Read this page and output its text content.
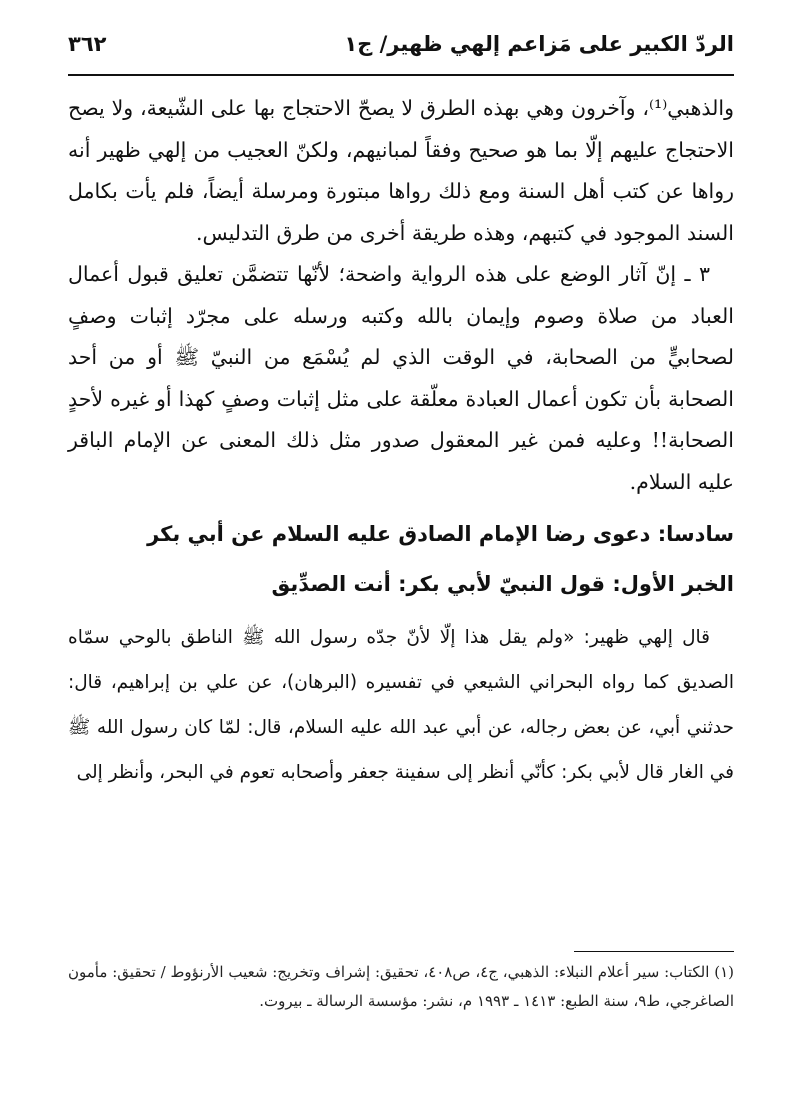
الردّ الكبير على مَزاعم إلهي ظهير/ ج١
٣٦٢

والذهبي⁽¹⁾، وآخرون وهي بهذه الطرق لا يصحّ الاحتجاج بها على الشّيعة، ولا يصح الاحتجاج عليهم إلّا بما هو صحيح وفقاً لمبانيهم، ولكنّ العجيب من إلهي ظهير أنه رواها عن كتب أهل السنة ومع ذلك رواها مبتورة ومرسلة أيضاً، فلم يأت بكامل السند الموجود في كتبهم، وهذه طريقة أخرى من طرق التدليس.

٣ ـ إنّ آثار الوضع على هذه الرواية واضحة؛ لأنّها تتضمَّن تعليق قبول أعمال العباد من صلاة وصوم وإيمان بالله وكتبه ورسله على مجرّد إثبات وصفٍ لصحابيٍّ من الصحابة، في الوقت الذي لم يُسْمَع من النبيّ ﷺ أو من أحد الصحابة بأن تكون أعمال العبادة معلّقة على مثل إثبات وصفٍ كهذا أو غيره لأحدٍ الصحابة!! وعليه فمن غير المعقول صدور مثل ذلك المعنى عن الإمام الباقر عليه السلام.

سادسا: دعوى رضا الإمام الصادق عليه السلام عن أبي بكر

الخبر الأول: قول النبيّ لأبي بكر: أنت الصدِّيق

قال إلهي ظهير: «ولم يقل هذا إلّا لأنّ جدّه رسول الله ﷺ الناطق بالوحي سمّاه الصديق كما رواه البحراني الشيعي في تفسيره (البرهان)، عن علي بن إبراهيم، قال: حدثني أبي، عن بعض رجاله، عن أبي عبد الله عليه السلام، قال: لمّا كان رسول الله ﷺ في الغار قال لأبي بكر: كأنّي أنظر إلى سفينة جعفر وأصحابه تعوم في البحر، وأنظر إلى

(١) الكتاب: سير أعلام النبلاء: الذهبي، ج٤، ص٤٠٨، تحقيق: إشراف وتخريج: شعيب الأرنؤوط / تحقيق: مأمون الصاغرجي، ط٩، سنة الطبع: ١٤١٣ ـ ١٩٩٣ م، نشر: مؤسسة الرسالة ـ بيروت.
